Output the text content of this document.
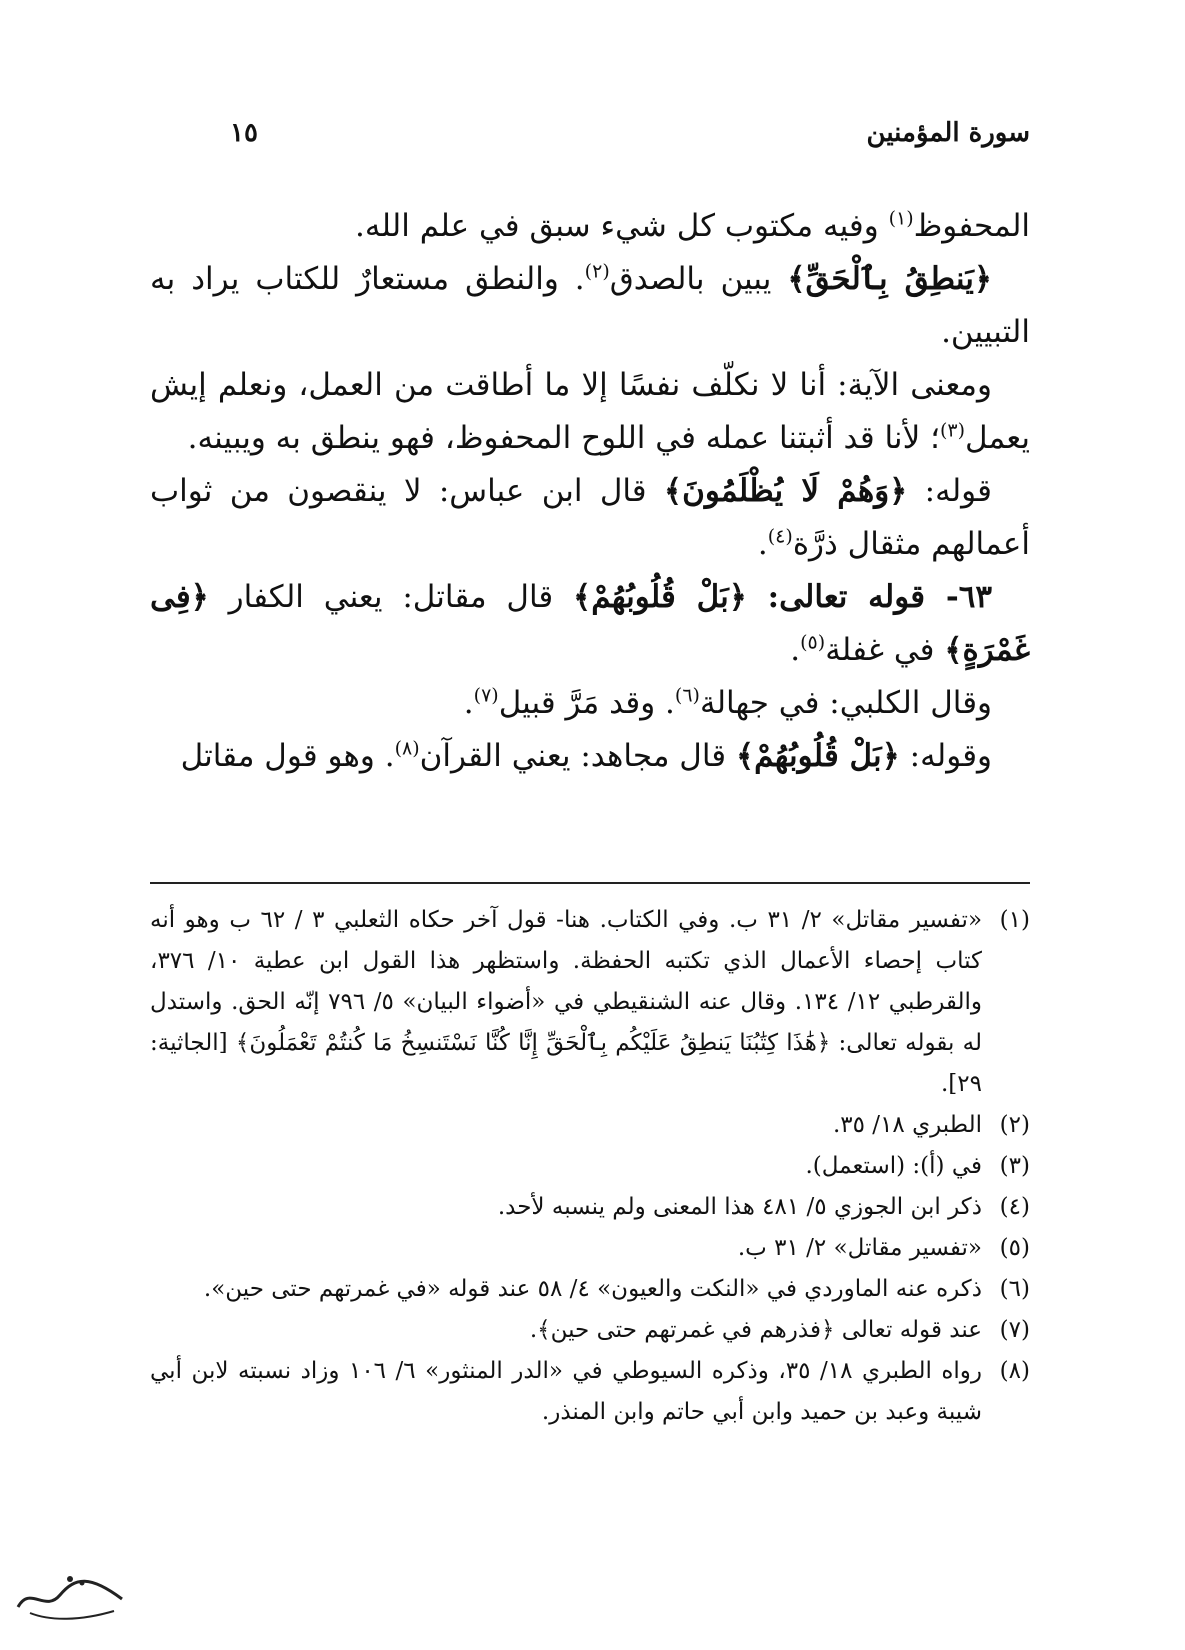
سورة المؤمنين
١٥

المحفوظ$^{(١)}$ وفيه مكتوب كل شيء سبق في علم الله.

﴿يَنطِقُ بِٱلْحَقِّ﴾ يبين بالصدق$^{(٢)}$. والنطق مستعارٌ للكتاب يراد به التبيين.

ومعنى الآية: أنا لا نكلّف نفسًا إلا ما أطاقت من العمل، ونعلم إيش يعمل$^{(٣)}$؛ لأنا قد أثبتنا عمله في اللوح المحفوظ، فهو ينطق به ويبينه.

قوله: ﴿وَهُمْ لَا يُظْلَمُونَ﴾ قال ابن عباس: لا ينقصون من ثواب أعمالهم مثقال ذرَّة$^{(٤)}$.

٦٣- قوله تعالى: ﴿بَلْ قُلُوبُهُمْ﴾ قال مقاتل: يعني الكفار ﴿فِى غَمْرَةٍ﴾ في غفلة$^{(٥)}$.

وقال الكلبي: في جهالة$^{(٦)}$. وقد مَرَّ قبيل$^{(٧)}$.

وقوله: ﴿بَلْ قُلُوبُهُمْ﴾ قال مجاهد: يعني القرآن$^{(٨)}$. وهو قول مقاتل

(١)
«تفسير مقاتل» ٢/ ٣١ ب. وفي الكتاب. هنا- قول آخر حكاه الثعلبي ٣ / ٦٢ ب وهو أنه كتاب إحصاء الأعمال الذي تكتبه الحفظة. واستظهر هذا القول ابن عطية ١٠/ ٣٧٦، والقرطبي ١٢/ ١٣٤. وقال عنه الشنقيطي في «أضواء البيان» ٥/ ٧٩٦ إنّه الحق. واستدل له بقوله تعالى: ﴿هَٰذَا كِتَٰبُنَا يَنطِقُ عَلَيْكُم بِٱلْحَقِّ إِنَّا كُنَّا نَسْتَنسِخُ مَا كُنتُمْ تَعْمَلُونَ﴾ [الجاثية: ٢٩].
(٢)
الطبري ١٨/ ٣٥.
(٣)
في (أ): (استعمل).
(٤)
ذكر ابن الجوزي ٥/ ٤٨١ هذا المعنى ولم ينسبه لأحد.
(٥)
«تفسير مقاتل» ٢/ ٣١ ب.
(٦)
ذكره عنه الماوردي في «النكت والعيون» ٤/ ٥٨ عند قوله «في غمرتهم حتى حين».
(٧)
عند قوله تعالى ﴿فذرهم في غمرتهم حتى حين﴾.
(٨)
رواه الطبري ١٨/ ٣٥، وذكره السيوطي في «الدر المنثور» ٦/ ١٠٦ وزاد نسبته لابن أبي شيبة وعبد بن حميد وابن أبي حاتم وابن المنذر.
